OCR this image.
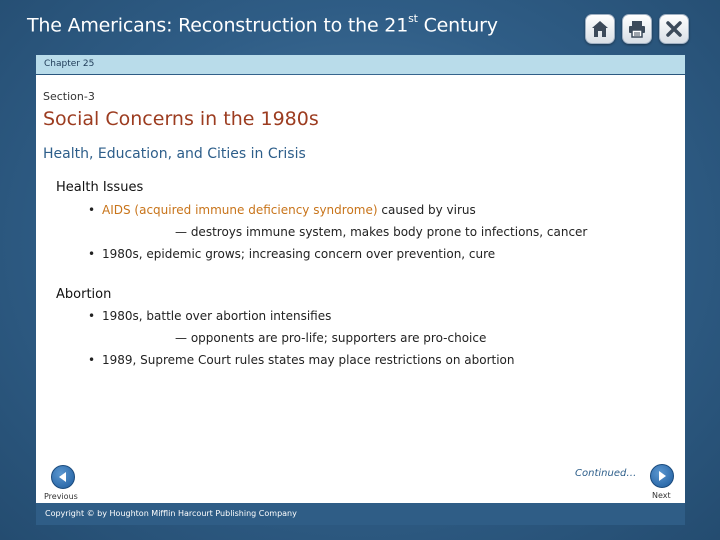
The Americans: Reconstruction to the 21st Century
Chapter 25
Section-3
Social Concerns in the 1980s
Health, Education, and Cities in Crisis
Health Issues
• AIDS (acquired immune deficiency syndrome) caused by virus
— destroys immune system, makes body prone to infections, cancer
• 1980s, epidemic grows; increasing concern over prevention, cure
Abortion
• 1980s, battle over abortion intensifies
— opponents are pro-life; supporters are pro-choice
• 1989, Supreme Court rules states may place restrictions on abortion
Previous
Continued…
Next
Copyright © by Houghton Mifflin Harcourt Publishing Company
